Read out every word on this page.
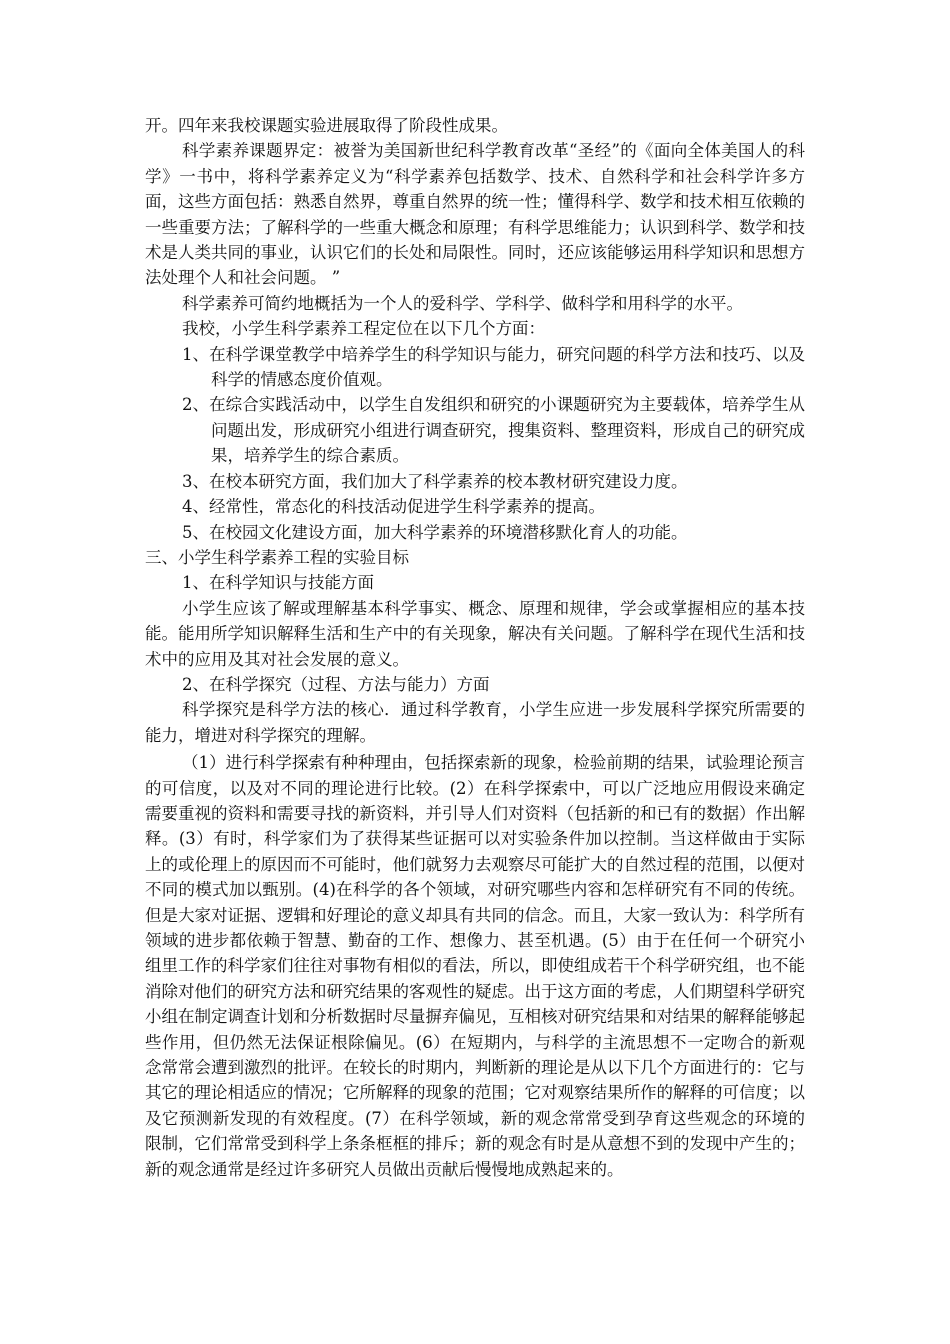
开。四年来我校课题实验进展取得了阶段性成果。

科学素养课题界定：被誉为美国新世纪科学教育改革“圣经”的《面向全体美国人的科学》一书中，将科学素养定义为“科学素养包括数学、技术、自然科学和社会科学许多方面，这些方面包括：熟悉自然界，尊重自然界的统一性；懂得科学、数学和技术相互依赖的一些重要方法；了解科学的一些重大概念和原理；有科学思维能力；认识到科学、数学和技术是人类共同的事业，认识它们的长处和局限性。同时，还应该能够运用科学知识和思想方法处理个人和社会问题。 ”

科学素养可简约地概括为一个人的爱科学、学科学、做科学和用科学的水平。

我校，小学生科学素养工程定位在以下几个方面：

1、在科学课堂教学中培养学生的科学知识与能力，研究问题的科学方法和技巧、以及科学的情感态度价值观。

2、在综合实践活动中，以学生自发组织和研究的小课题研究为主要载体，培养学生从问题出发，形成研究小组进行调查研究，搜集资料、整理资料，形成自己的研究成果，培养学生的综合素质。

3、在校本研究方面，我们加大了科学素养的校本教材研究建设力度。

4、经常性，常态化的科技活动促进学生科学素养的提高。

5、在校园文化建设方面，加大科学素养的环境潜移默化育人的功能。

三、小学生科学素养工程的实验目标

1、在科学知识与技能方面

小学生应该了解或理解基本科学事实、概念、原理和规律，学会或掌握相应的基本技能。能用所学知识解释生活和生产中的有关现象，解决有关问题。了解科学在现代生活和技术中的应用及其对社会发展的意义。

2、在科学探究（过程、方法与能力）方面

科学探究是科学方法的核心．通过科学教育，小学生应进一步发展科学探究所需要的能力，增进对科学探究的理解。

（1）进行科学探索有种种理由，包括探索新的现象，检验前期的结果，试验理论预言的可信度，以及对不同的理论进行比较。(2）在科学探索中，可以广泛地应用假设来确定需要重视的资料和需要寻找的新资料，并引导人们对资料（包括新的和已有的数据）作出解释。(3）有时，科学家们为了获得某些证据可以对实验条件加以控制。当这样做由于实际上的或伦理上的原因而不可能时，他们就努力去观察尽可能扩大的自然过程的范围，以便对不同的模式加以甄别。(4)在科学的各个领域，对研究哪些内容和怎样研究有不同的传统。但是大家对证据、逻辑和好理论的意义却具有共同的信念。而且，大家一致认为：科学所有领域的进步都依赖于智慧、勤奋的工作、想像力、甚至机遇。(5）由于在任何一个研究小组里工作的科学家们往往对事物有相似的看法，所以，即使组成若干个科学研究组，也不能消除对他们的研究方法和研究结果的客观性的疑虑。出于这方面的考虑，人们期望科学研究小组在制定调查计划和分析数据时尽量摒弃偏见，互相核对研究结果和对结果的解释能够起些作用，但仍然无法保证根除偏见。(6）在短期内，与科学的主流思想不一定吻合的新观念常常会遭到激烈的批评。在较长的时期内，判断新的理论是从以下几个方面进行的：它与其它的理论相适应的情况；它所解释的现象的范围；它对观察结果所作的解释的可信度；以及它预测新发现的有效程度。(7）在科学领域，新的观念常常受到孕育这些观念的环境的限制，它们常常受到科学上条条框框的排斥；新的观念有时是从意想不到的发现中产生的；新的观念通常是经过许多研究人员做出贡献后慢慢地成熟起来的。
